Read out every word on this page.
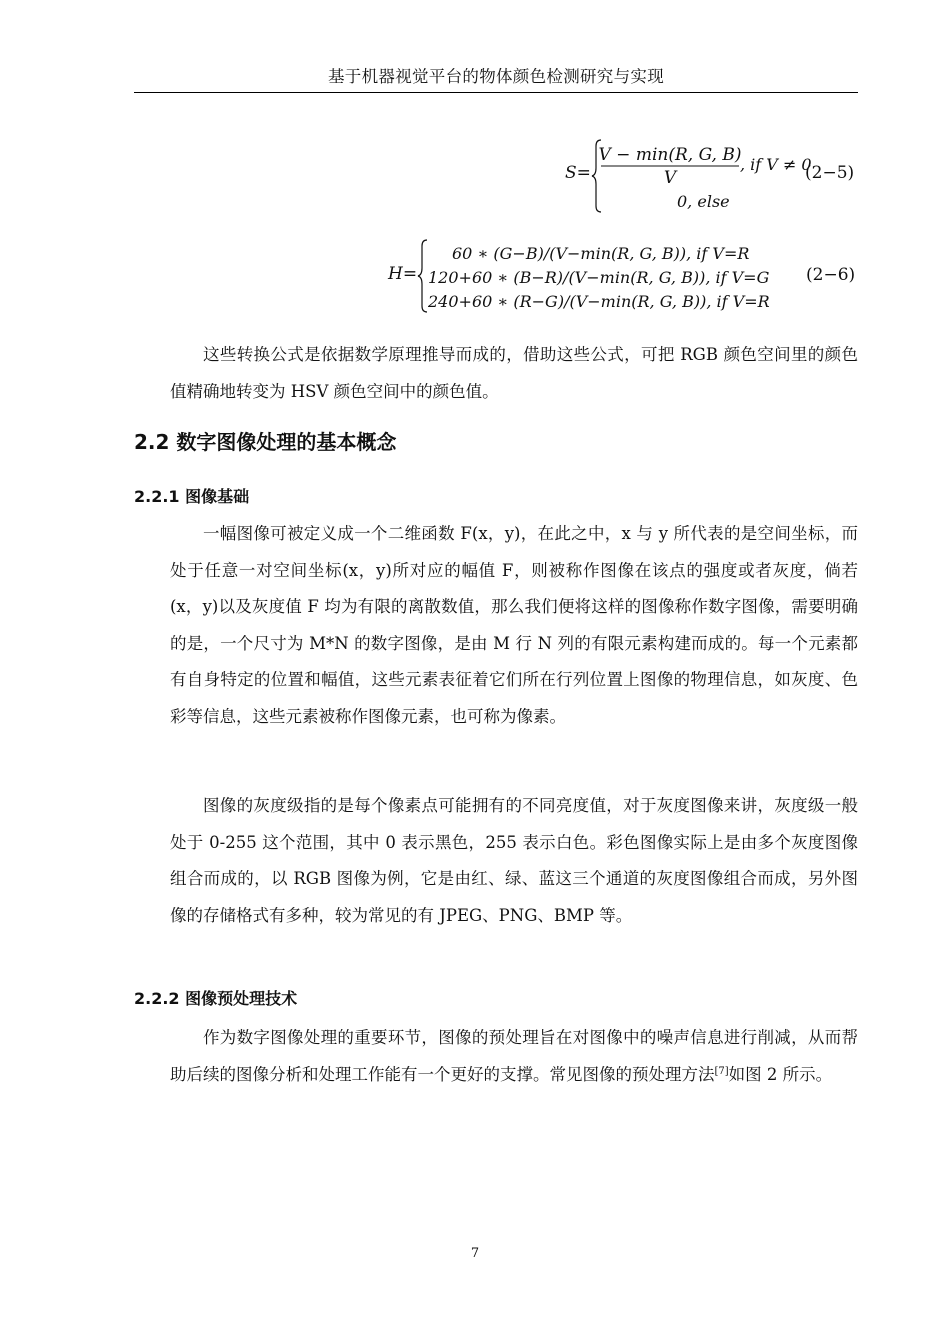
基于机器视觉平台的物体颜色检测研究与实现
S=
V − min(R, G, B)
V
, if V ≠ 0
0, else
(2−5)
H=
60 ∗ (G−B)/(V−min(R, G, B)), if V=R
120+60 ∗ (B−R)/(V−min(R, G, B)), if V=G
240+60 ∗ (R−G)/(V−min(R, G, B)), if V=R
(2−6)

这些转换公式是依据数学原理推导而成的，借助这些公式，可把 RGB 颜色空间里的颜色值精确地转变为 HSV 颜色空间中的颜色值。

2.2 数字图像处理的基本概念
2.2.1 图像基础

一幅图像可被定义成一个二维函数 F(x，y)，在此之中，x 与 y 所代表的是空间坐标，而处于任意一对空间坐标(x，y)所对应的幅值 F，则被称作图像在该点的强度或者灰度，倘若(x，y)以及灰度值 F 均为有限的离散数值，那么我们便将这样的图像称作数字图像，需要明确的是，一个尺寸为 M*N 的数字图像，是由 M 行 N 列的有限元素构建而成的。每一个元素都有自身特定的位置和幅值，这些元素表征着它们所在行列位置上图像的物理信息，如灰度、色彩等信息，这些元素被称作图像元素，也可称为像素。

图像的灰度级指的是每个像素点可能拥有的不同亮度值，对于灰度图像来讲，灰度级一般处于 0-255 这个范围，其中 0 表示黑色，255 表示白色。彩色图像实际上是由多个灰度图像组合而成的，以 RGB 图像为例，它是由红、绿、蓝这三个通道的灰度图像组合而成，另外图像的存储格式有多种，较为常见的有 JPEG、PNG、BMP 等。

2.2.2 图像预处理技术

作为数字图像处理的重要环节，图像的预处理旨在对图像中的噪声信息进行削减，从而帮助后续的图像分析和处理工作能有一个更好的支撑。常见图像的预处理方法[7]如图 2 所示。

7
